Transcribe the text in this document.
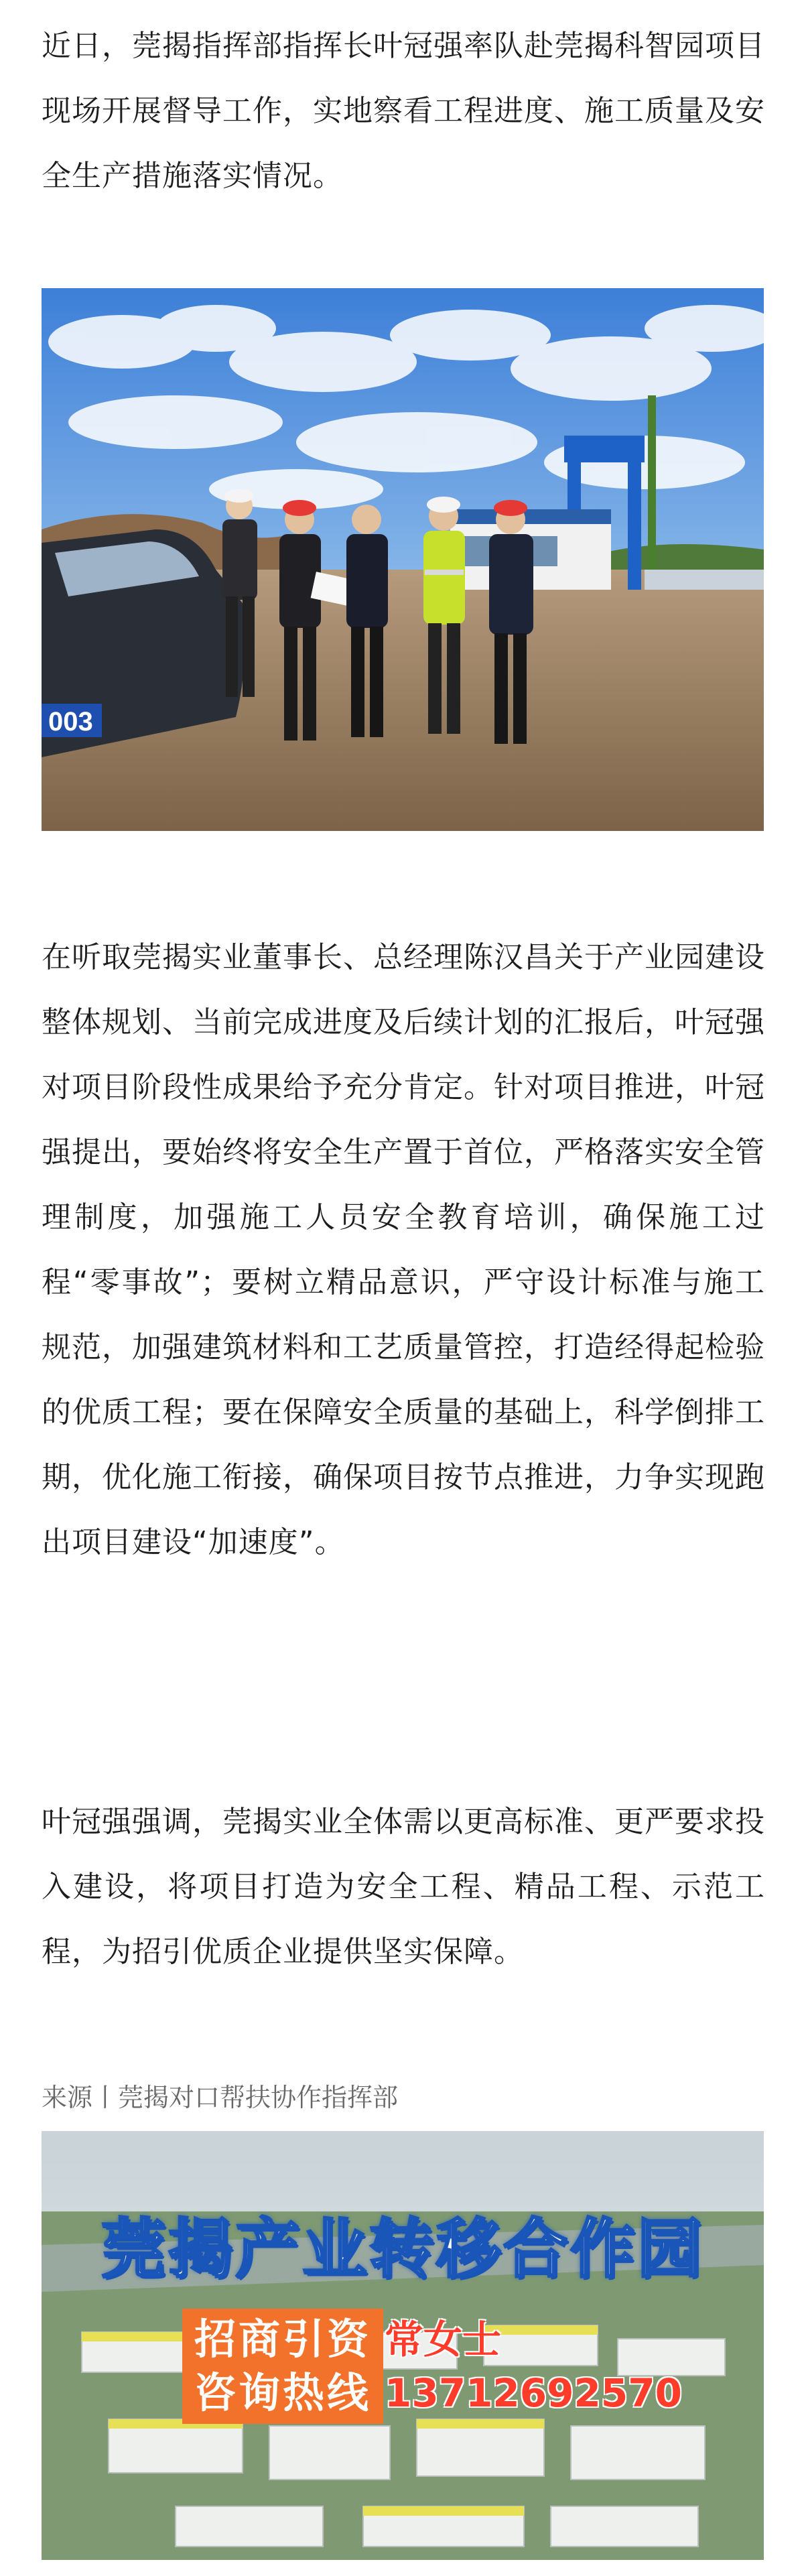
近日，莞揭指挥部指挥长叶冠强率队赴莞揭科智园项目现场开展督导工作，实地察看工程进度、施工质量及安全生产措施落实情况。

003

在听取莞揭实业董事长、总经理陈汉昌关于产业园建设整体规划、当前完成进度及后续计划的汇报后，叶冠强对项目阶段性成果给予充分肯定。针对项目推进，叶冠强提出，要始终将安全生产置于首位，严格落实安全管理制度，加强施工人员安全教育培训，确保施工过程“零事故”；要树立精品意识，严守设计标准与施工规范，加强建筑材料和工艺质量管控，打造经得起检验的优质工程；要在保障安全质量的基础上，科学倒排工期，优化施工衔接，确保项目按节点推进，力争实现跑出项目建设“加速度”。

叶冠强强调，莞揭实业全体需以更高标准、更严要求投入建设，将项目打造为安全工程、精品工程、示范工程，为招引优质企业提供坚实保障。

来源丨莞揭对口帮扶协作指挥部
莞揭产业转移合作园
招商引资
咨询热线
常女士
13712692570
